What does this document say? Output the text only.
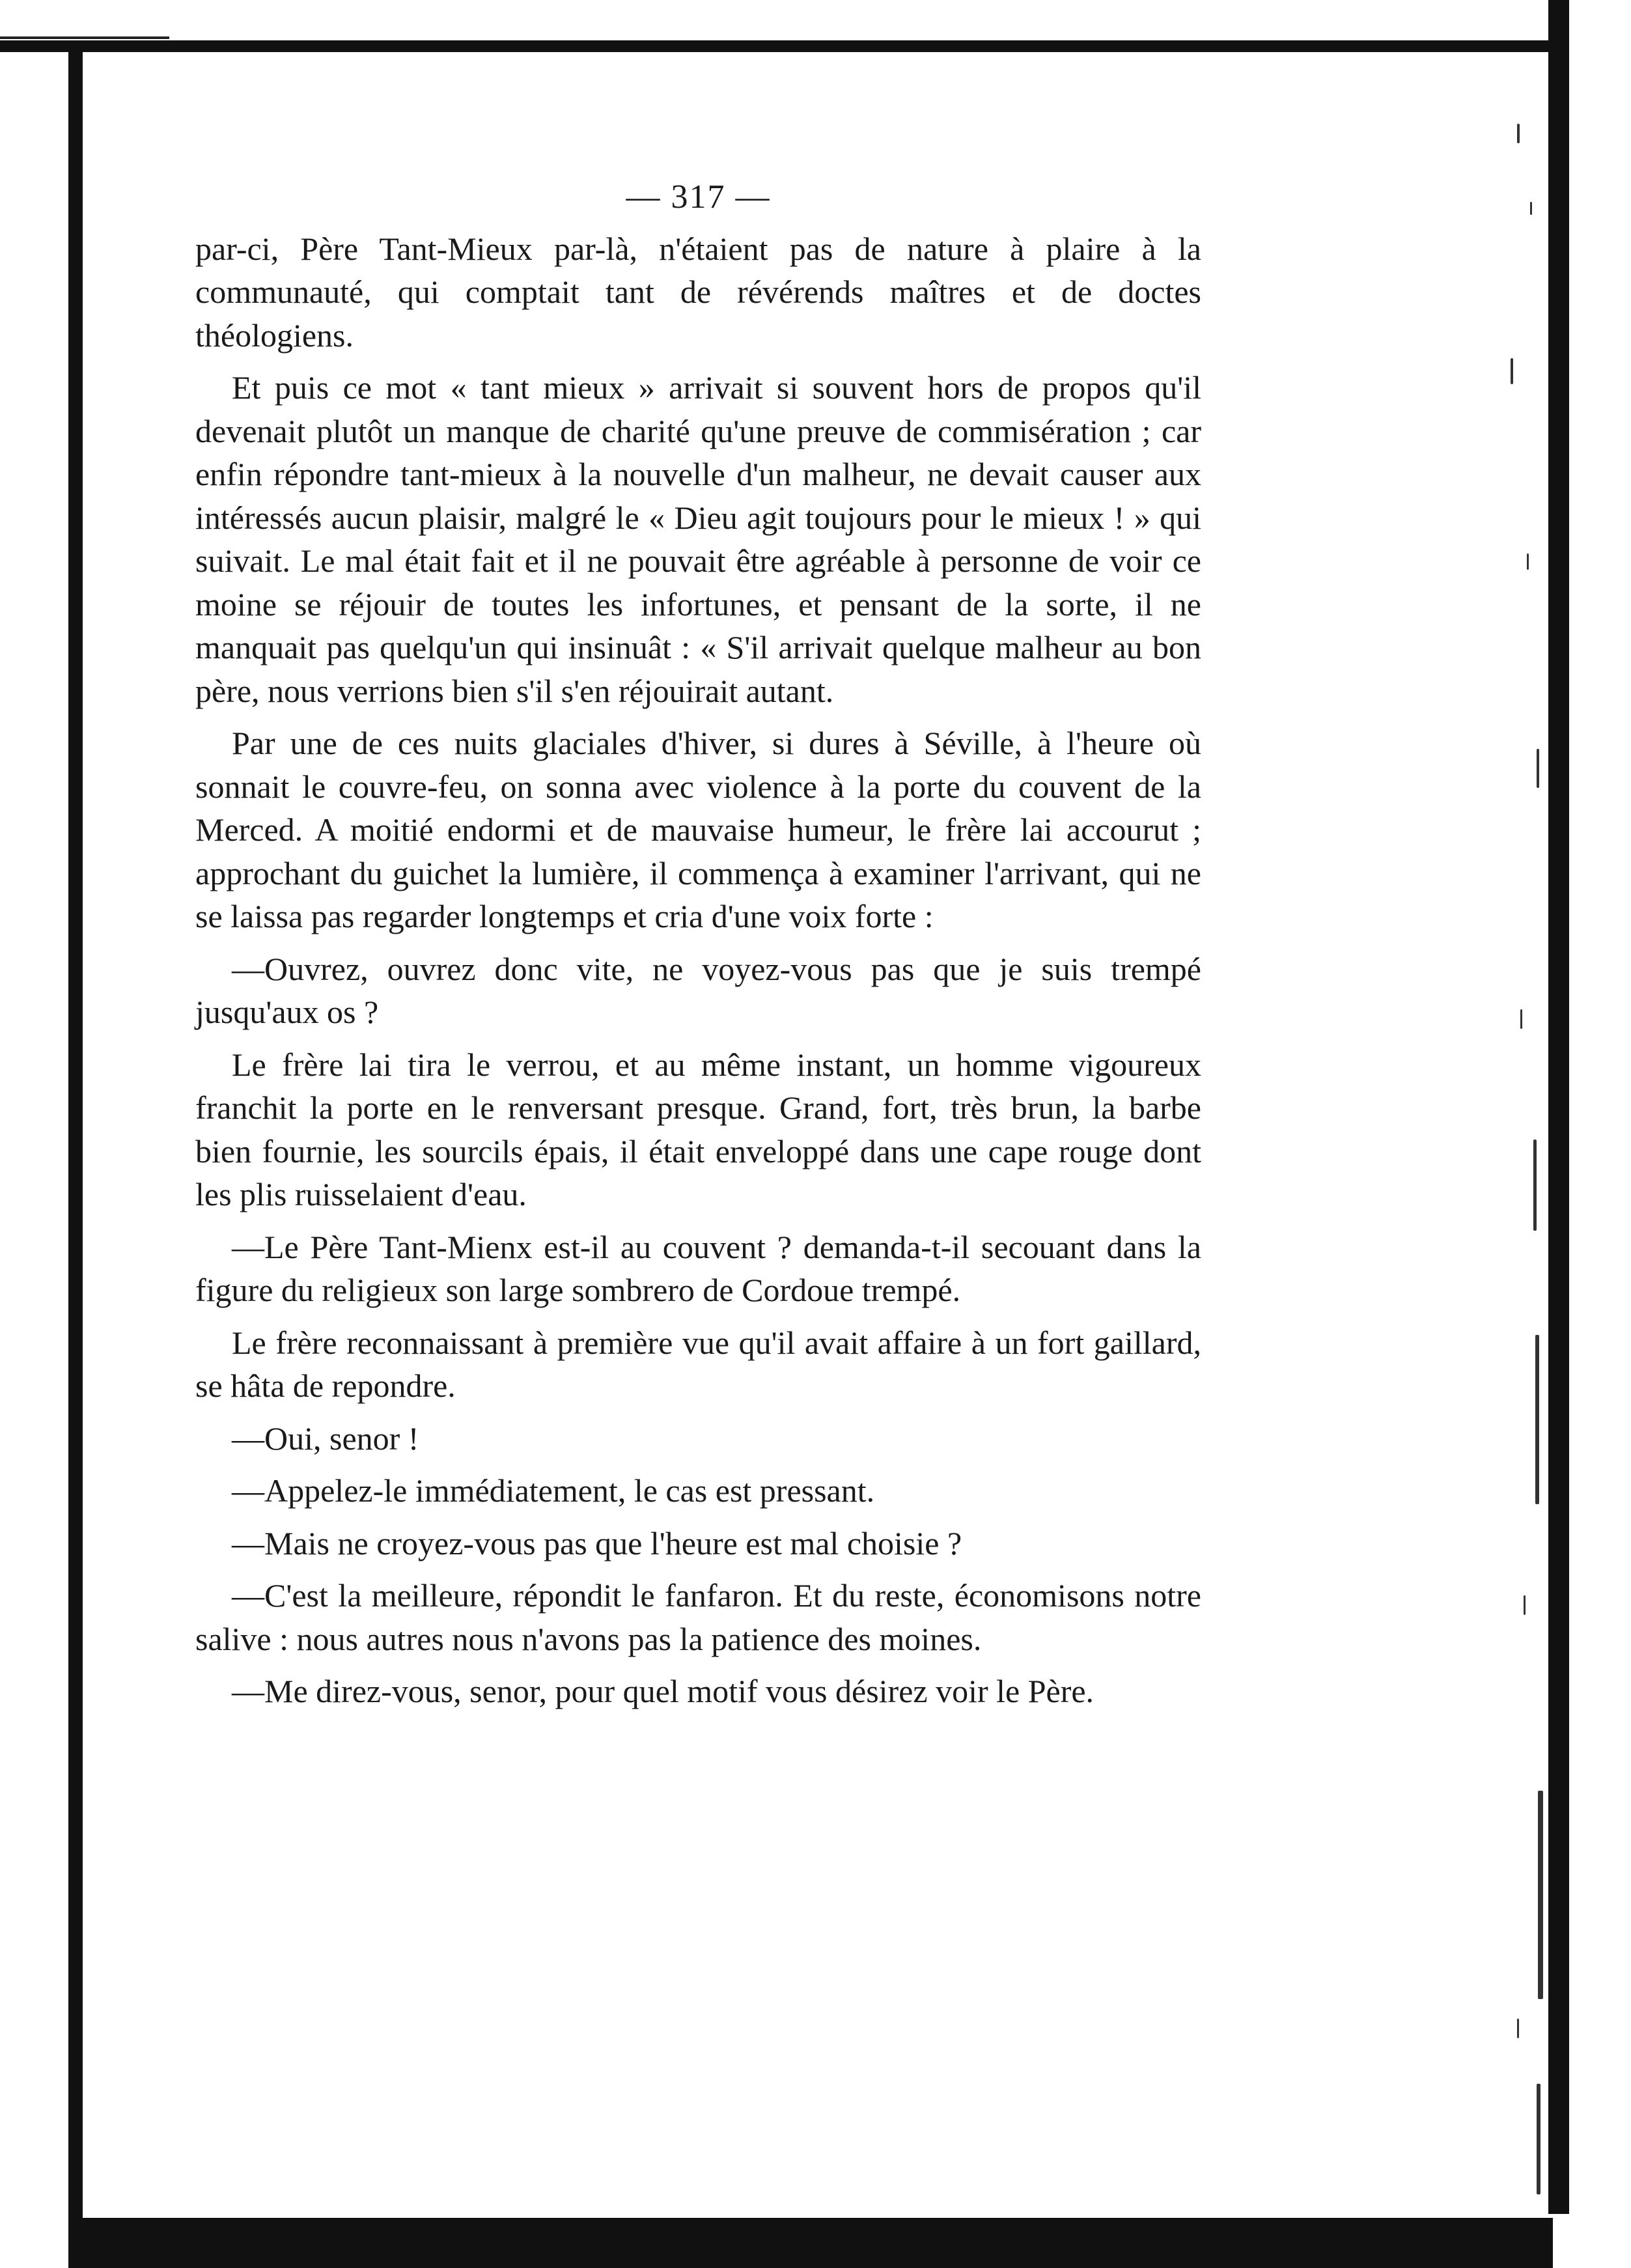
— 317 —

par-ci, Père Tant-Mieux par-là, n'étaient pas de nature à plaire à la communauté, qui comptait tant de révérends maîtres et de doctes théologiens.

Et puis ce mot « tant mieux » arrivait si souvent hors de propos qu'il devenait plutôt un manque de charité qu'une preuve de commisération ; car enfin répondre tant-mieux à la nouvelle d'un malheur, ne devait causer aux intéressés aucun plaisir, malgré le « Dieu agit toujours pour le mieux ! » qui suivait. Le mal était fait et il ne pouvait être agréable à personne de voir ce moine se réjouir de toutes les infortunes, et pensant de la sorte, il ne manquait pas quelqu'un qui insinuât : « S'il arrivait quelque malheur au bon père, nous verrions bien s'il s'en réjouirait autant.

Par une de ces nuits glaciales d'hiver, si dures à Séville, à l'heure où sonnait le couvre-feu, on sonna avec violence à la porte du couvent de la Merced. A moitié endormi et de mauvaise humeur, le frère lai accourut ; approchant du guichet la lumière, il commença à examiner l'arrivant, qui ne se laissa pas regarder longtemps et cria d'une voix forte :

—Ouvrez, ouvrez donc vite, ne voyez-vous pas que je suis trempé jusqu'aux os ?

Le frère lai tira le verrou, et au même instant, un homme vigoureux franchit la porte en le renversant presque. Grand, fort, très brun, la barbe bien fournie, les sourcils épais, il était enveloppé dans une cape rouge dont les plis ruisselaient d'eau.

—Le Père Tant-Mienx est-il au couvent ? demanda-t-il secouant dans la figure du religieux son large sombrero de Cordoue trempé.

Le frère reconnaissant à première vue qu'il avait affaire à un fort gaillard, se hâta de repondre.

—Oui, senor !

—Appelez-le immédiatement, le cas est pressant.

—Mais ne croyez-vous pas que l'heure est mal choisie ?

—C'est la meilleure, répondit le fanfaron. Et du reste, économisons notre salive : nous autres nous n'avons pas la patience des moines.

—Me direz-vous, senor, pour quel motif vous désirez voir le Père.
